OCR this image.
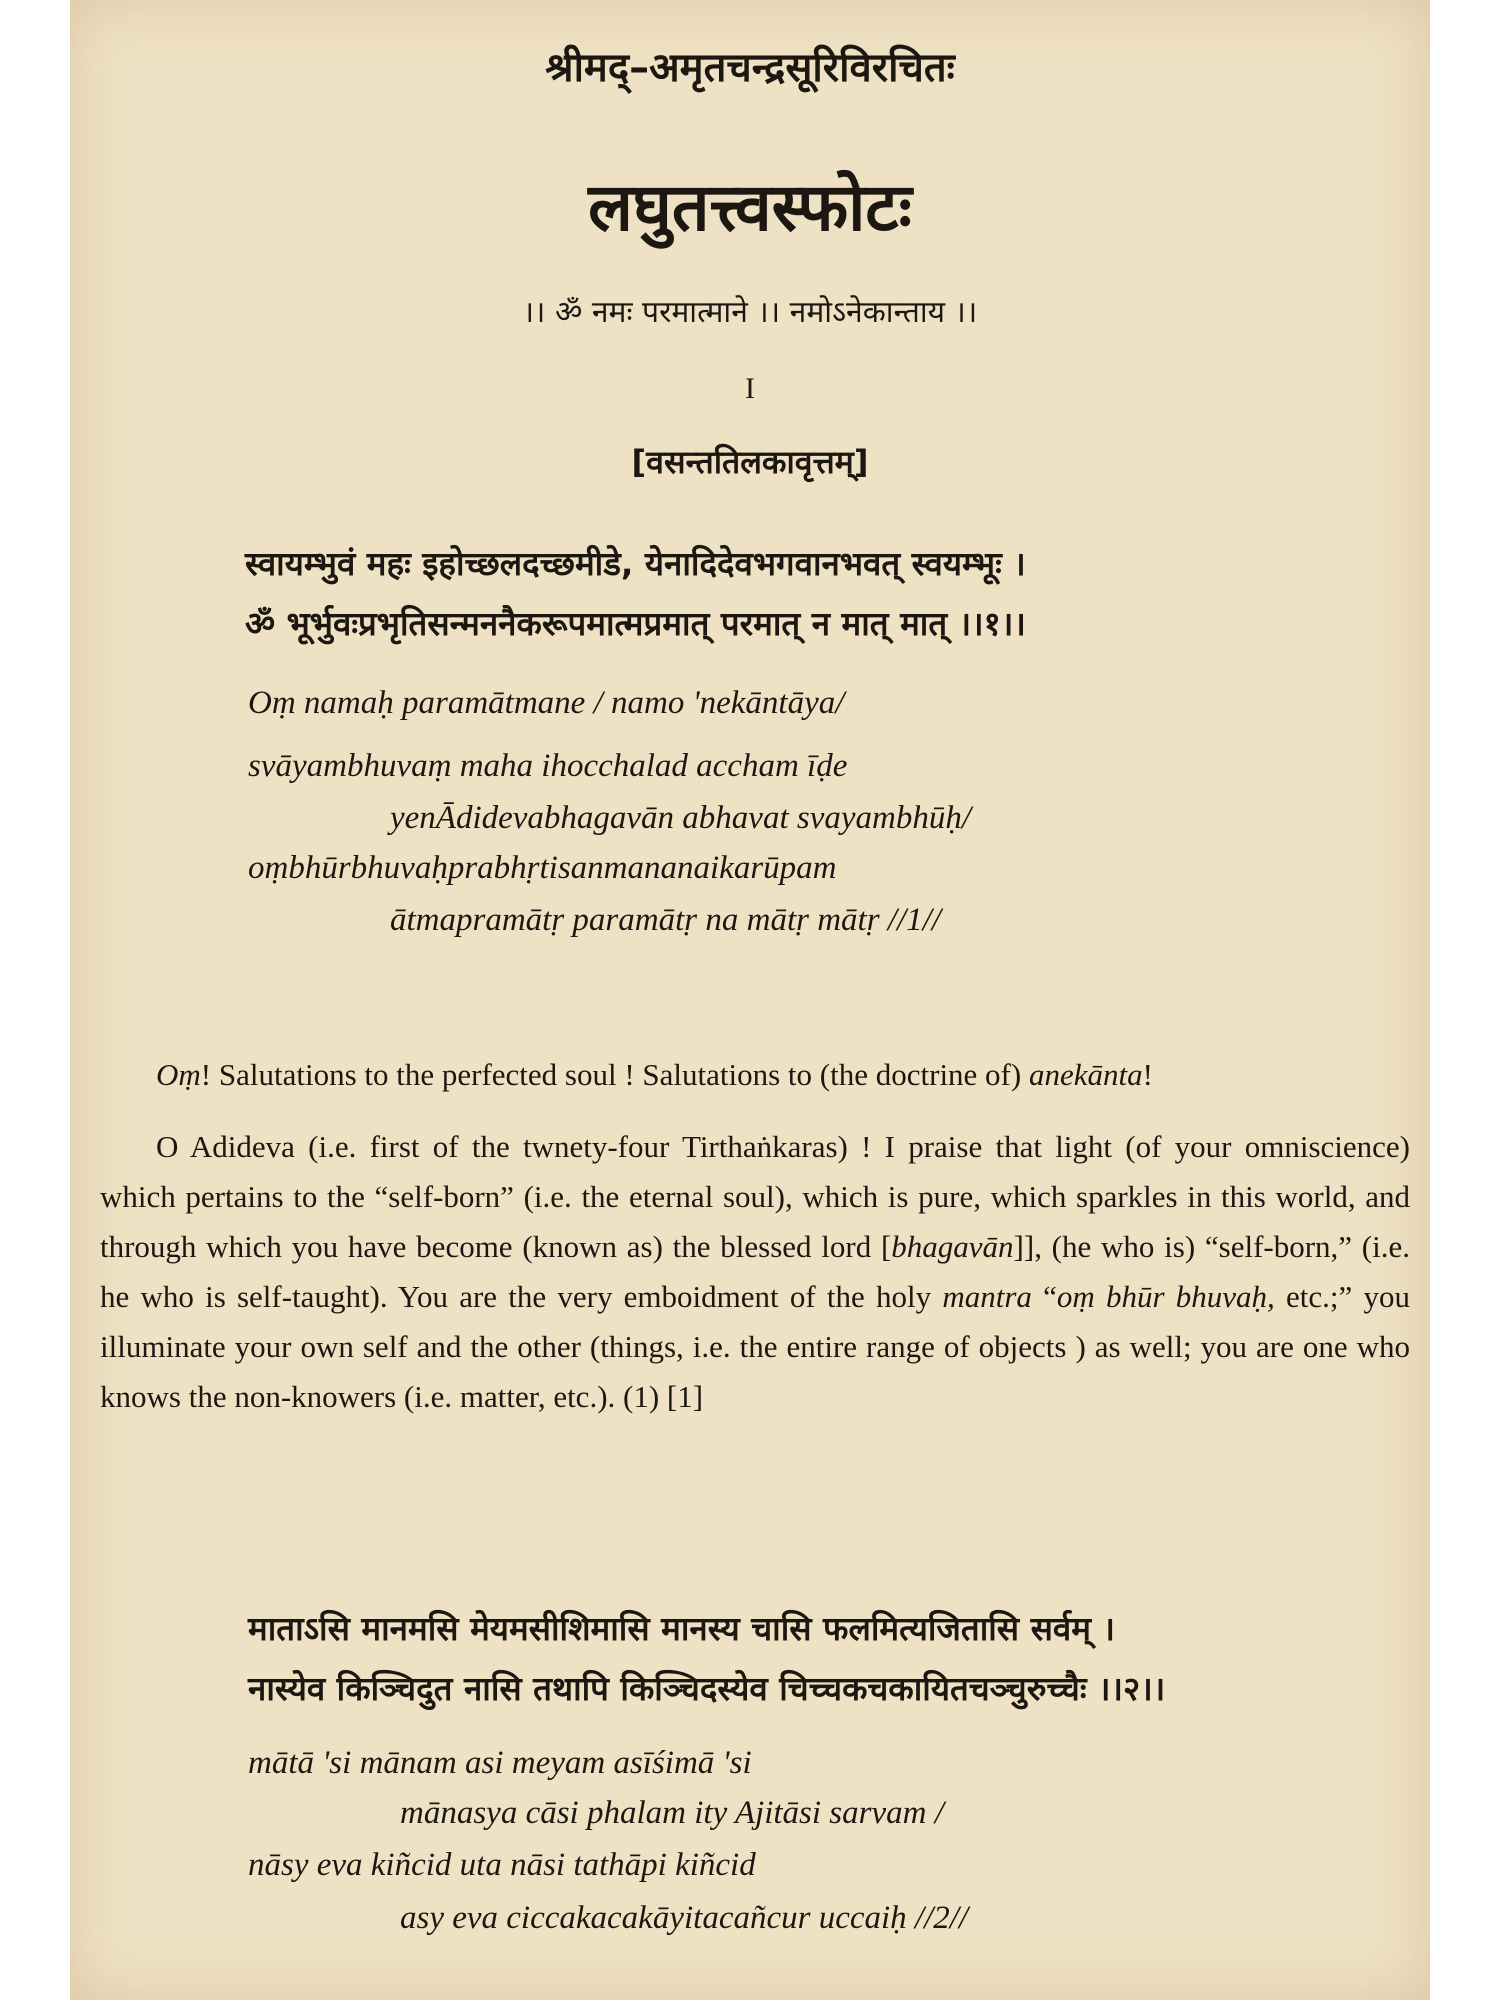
श्रीमद्–अमृतचन्द्रसूरिविरचितः
लघुतत्त्वस्फोटः
।। ॐ नमः परमात्माने ।। नमोऽनेकान्ताय ।।
I
[वसन्ततिलकावृत्तम्]
स्वायम्भुवं महः इहोच्छलदच्छमीडे, येनादिदेवभगवानभवत् स्वयम्भूः ।
ॐ भूर्भुवःप्रभृतिसन्मननैकरूपमात्मप्रमात् परमात् न मात् मात् ।।१।।
Oṃ namaḥ paramātmane / namo 'nekāntāya/
svāyambhuvaṃ maha ihocchalad accham īḍe
yenĀdidevabhagavān abhavat svayambhūḥ/
oṃbhūrbhuvaḥprabhṛtisanmananaikarūpam
ātmapramātṛ paramātṛ na mātṛ mātṛ //1//

Oṃ! Salutations to the perfected soul ! Salutations to (the doctrine of) anekānta!

O Adideva (i.e. first of the twnety-four Tirthaṅkaras) ! I praise that light (of your omniscience) which pertains to the “self-born” (i.e. the eternal soul), which is pure, which sparkles in this world, and through which you have become (known as) the blessed lord [bhagavān]], (he who is) “self-born,” (i.e. he who is self-taught). You are the very emboidment of the holy mantra “oṃ bhūr bhuvaḥ, etc.;” you illuminate your own self and the other (things, i.e. the entire range of objects ) as well; you are one who knows the non-knowers (i.e. matter, etc.). (1) [1]

माताऽसि मानमसि मेयमसीशिमासि मानस्य चासि फलमित्यजितासि सर्वम् ।
नास्येव किञ्चिदुत नासि तथापि किञ्चिदस्येव चिच्चकचकायितचञ्चुरुच्चैः ।।२।।
mātā 'si mānam asi meyam asīśimā 'si
mānasya cāsi phalam ity Ajitāsi sarvam /
nāsy eva kiñcid uta nāsi tathāpi kiñcid
asy eva ciccakacakāyitacañcur uccaiḥ //2//
